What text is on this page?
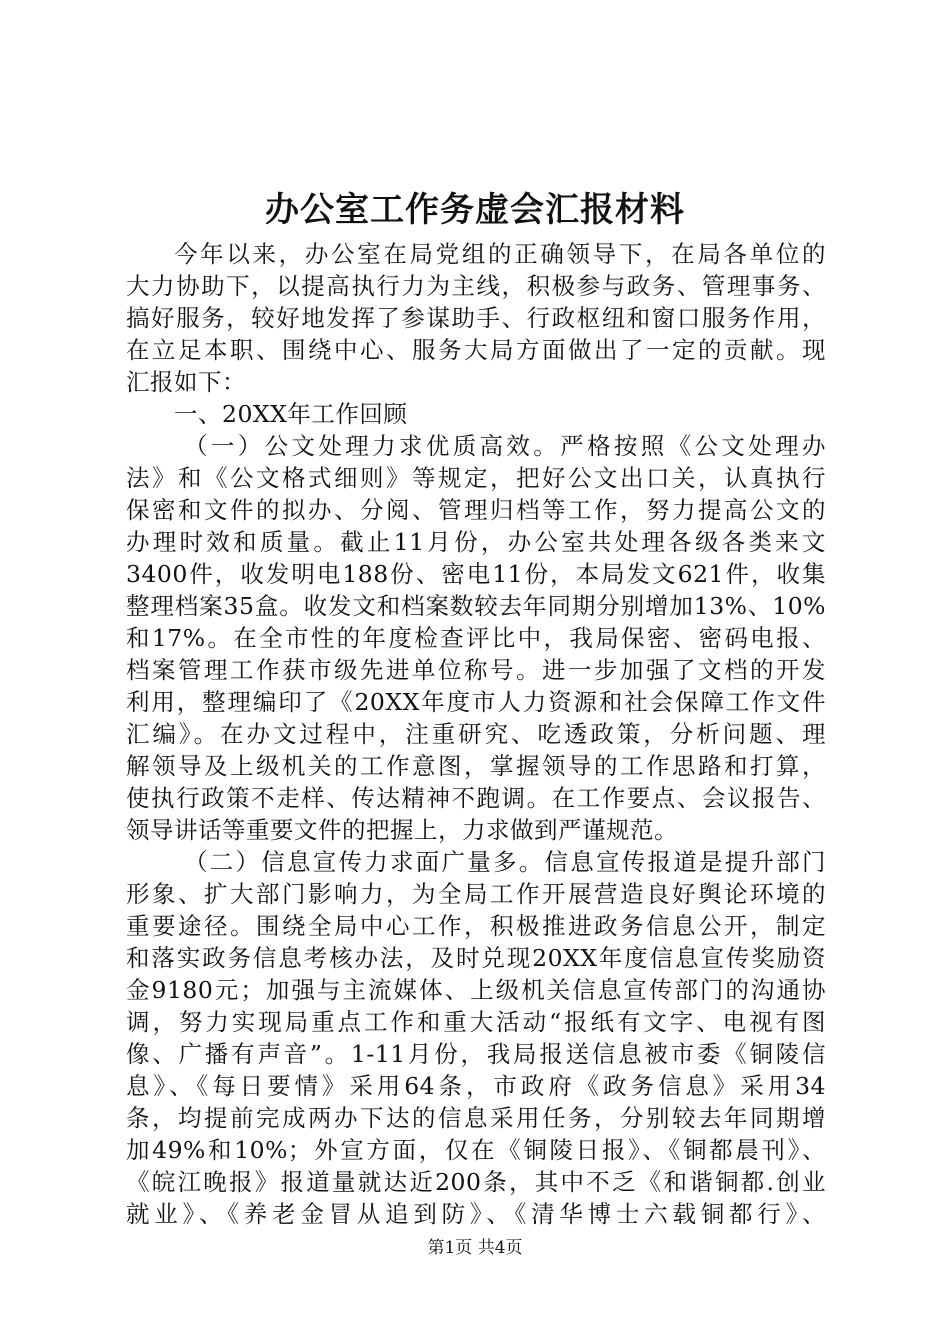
办公室工作务虚会汇报材料
今年以来，办公室在局党组的正确领导下，在局各单位的
大力协助下，以提高执行力为主线，积极参与政务、管理事务、
搞好服务，较好地发挥了参谋助手、行政枢纽和窗口服务作用，
在立足本职、围绕中心、服务大局方面做出了一定的贡献。现
汇报如下：
一、20XX年工作回顾
（一）公文处理力求优质高效。严格按照《公文处理办
法》和《公文格式细则》等规定，把好公文出口关，认真执行
保密和文件的拟办、分阅、管理归档等工作，努力提高公文的
办理时效和质量。截止11月份，办公室共处理各级各类来文
3400件，收发明电188份、密电11份，本局发文621件，收集
整理档案35盒。收发文和档案数较去年同期分别增加13%、10%
和17%。在全市性的年度检查评比中，我局保密、密码电报、
档案管理工作获市级先进单位称号。进一步加强了文档的开发
利用，整理编印了《20XX年度市人力资源和社会保障工作文件
汇编》。在办文过程中，注重研究、吃透政策，分析问题、理
解领导及上级机关的工作意图，掌握领导的工作思路和打算，
使执行政策不走样、传达精神不跑调。在工作要点、会议报告、
领导讲话等重要文件的把握上，力求做到严谨规范。
（二）信息宣传力求面广量多。信息宣传报道是提升部门
形象、扩大部门影响力，为全局工作开展营造良好舆论环境的
重要途径。围绕全局中心工作，积极推进政务信息公开，制定
和落实政务信息考核办法，及时兑现20XX年度信息宣传奖励资
金9180元；加强与主流媒体、上级机关信息宣传部门的沟通协
调，努力实现局重点工作和重大活动“报纸有文字、电视有图
像、广播有声音”。1-11月份，我局报送信息被市委《铜陵信
息》、《每日要情》采用64条，市政府《政务信息》采用34
条，均提前完成两办下达的信息采用任务，分别较去年同期增
加49%和10%；外宣方面，仅在《铜陵日报》、《铜都晨刊》、
《皖江晚报》报道量就达近200条，其中不乏《和谐铜都.创业
就业》、《养老金冒从追到防》、《清华博士六载铜都行》、
第1页 共4页
